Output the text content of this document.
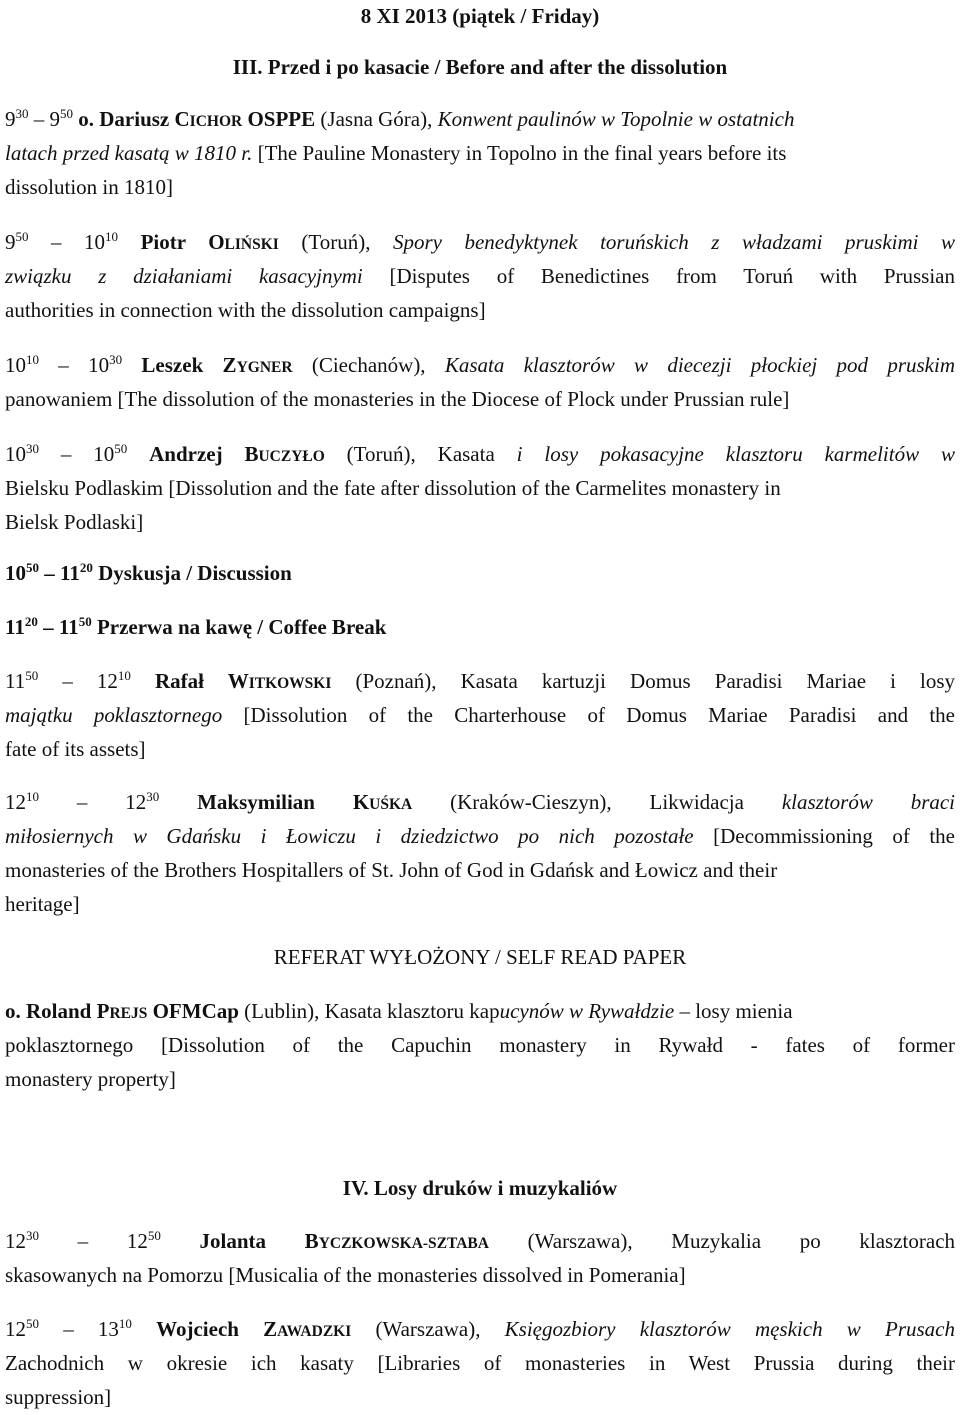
8 XI 2013 (piątek / Friday)
III. Przed i po kasacie / Before and after the dissolution
$9^{30} - 9^{50}$ o. Dariusz CICHOR OSPPE (Jasna Góra), Konwent paulinów w Topolnie w ostatnich
latach przed kasatą w 1810 r. [The Pauline Monastery in Topolno in the final years before its
dissolution in 1810]
$9^{50} - 10^{10}$ Piotr OLIŃSKI (Toruń), Spory benedyktynek toruńskich z władzami pruskimi w
związku z działaniami kasacyjnymi [Disputes of Benedictines from Toruń with Prussian
authorities in connection with the dissolution campaigns]
$10^{10} - 10^{30}$ Leszek ZYGNER (Ciechanów), Kasata klasztorów w diecezji płockiej pod pruskim
panowaniem [The dissolution of the monasteries in the Diocese of Plock under Prussian rule]
$10^{30} - 10^{50}$ Andrzej BUCZYŁO (Toruń), Kasata i losy pokasacyjne klasztoru karmelitów w
Bielsku Podlaskim [Dissolution and the fate after dissolution of the Carmelites monastery in
Bielsk Podlaski]
$10^{50} - 11^{20}$ Dyskusja / Discussion
$11^{20} - 11^{50}$ Przerwa na kawę / Coffee Break
$11^{50} - 12^{10}$ Rafał WITKOWSKI (Poznań), Kasata kartuzji Domus Paradisi Mariae i losy
majątku poklasztornego [Dissolution of the Charterhouse of Domus Mariae Paradisi and the
fate of its assets]
$12^{10} - 12^{30}$ Maksymilian KUŚKA (Kraków-Cieszyn), Likwidacja klasztorów braci
miłosiernych w Gdańsku i Łowiczu i dziedzictwo po nich pozostałe [Decommissioning of the
monasteries of the Brothers Hospitallers of St. John of God in Gdańsk and Łowicz and their
heritage]
REFERAT WYŁOŻONY / SELF READ PAPER
o. Roland PREJS OFMCap (Lublin), Kasata klasztoru kapucynów w Rywałdzie – losy mienia
poklasztornego [Dissolution of the Capuchin monastery in Rywałd - fates of former
monastery property]
IV. Losy druków i muzykaliów
$12^{30} - 12^{50}$ Jolanta BYCZKOWSKA-SZTABA (Warszawa), Muzykalia po klasztorach
skasowanych na Pomorzu [Musicalia of the monasteries dissolved in Pomerania]
$12^{50} - 13^{10}$ Wojciech ZAWADZKI (Warszawa), Księgozbiory klasztorów męskich w Prusach
Zachodnich w okresie ich kasaty [Libraries of monasteries in West Prussia during their
suppression]
